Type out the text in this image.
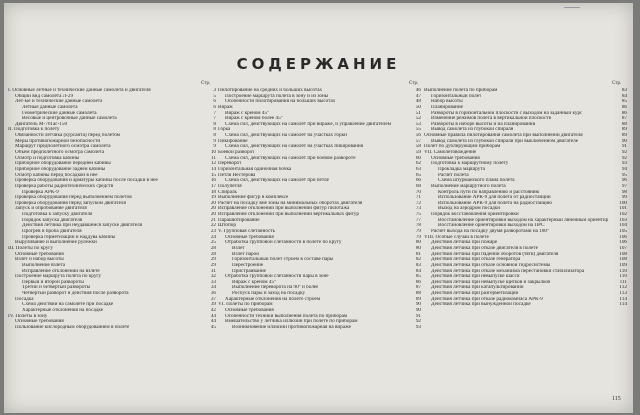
СОДЕРЖАНИЕ
Стр.	Стр.	Стр.
I. Основные летные и технические данные самолета и двигателя	3
Общий вид самолета Л-29	5
Лет-ые и технические данные самолета	6
Летные данные самолета	6
Геометрические данные самолета	7
Весовые и центровочные данные самолета	7
Двигатель М-701ас-150	8
II. Подготовка к полету	8
Обязанности летчика (курсанта) перед полетом	8
Меры противопожарной безопасности	9
Маршрут предполетного осмотра самолета	9
Объем предполетного осмотра самолета	10
Осмотр и подготовка кабины	11
Приборное оборудование передней кабины	12
Приборное оборудование задней кабины	14
Осмотр кабины перед посадкой в нее	15
Проверка оборудования и арматуры кабины после посадки в нее	16
Проверка работы радиотехнических средств	17
Проверка АРК-9	18
Проверка оборудования перед выполнением полетов	19
Проверка оборудования перед запуском двигателя	20
Запуск и опробование двигателя	20
Подготовка к запуску двигателя	20
Порядок запуска двигателя	21
Действия летчика при неудавшемся запуске двигателя	22
Прогрев и проба двигателя	23
Проверка герметизации и наддува кабины	24
Выруливание и выполнение рулежки	25
III. Полеты по кругу	28
Основные требования	28
Взлет и набор высоты	29
Выполнение взлета	29
Исправление отклонений на взлете	31
Построение маршрута полета по кругу	32
Первый и второй развороты	33
Третий и четвертый развороты	34
Четвертый разворот и действия после разворота	36
Посадка	37
Схема действий на самолете при посадке	39
Характерные отклонения на посадке	42
IV. Полеты в зону	44
Основные требования	44
Пользование кислородным оборудованием в полете	45
Пилотирование на средних и больших высотах	46
Построение маршрута полета в зону и из зоны	47
Особенности пилотирования на больших высотах	48
Вираж	50
Вираж с креном 45°	51
Вираж с креном более 45°	52
Схема сил, действующих на самолет при вираже, и управление двигателем	53
Горка	55
Схема сил, действующих на самолет на участках горки	56
Пикирование	57
Схема сил, действующих на самолет на участках пикирования	58
Боевой разворот	59
Схема сил, действующих на самолет при боевом развороте	60
Переворот	62
Горизонтальная одиночная бочка	63
Петля Нестерова	65
Схема сил, действующих на самолет при петле	66
Полупетля	68
Спираль	70
Выполнение фигур в комплексе	71
Расчет на посадку вне зоны на минимальных оборотах двигателя	72
Исправление отклонений при выполнении фигур пилотажа	73
Исправление отклонений при выполнении вертикальных фигур	75
Парашютирование	77
Штопор	78
V. Групповая слетанность	79
Основные требования	79
Отработка групповой слетанности в полете по кругу	80
Взлет	80
Взлет парой	81
Горизонтальный полет строем в составе пары	82
Перестроение	83
Пристраивание	84
Отработка групповой слетанности пары в зоне	85
Вираж с креном 45°	86
Выполнение переворота на 90° и более	87
Роспуск пары и заход на посадку	88
Характерные отклонения на полете строем	89
VI. Полеты по приборам	90
Основные требования	90
Особенности техники выполнения полета по приборам	91
Вмешательство у летчика иллюзий при полете по приборам	92
Возникновение иллюзий противопожарная на вираже	93
Выполнение полета по приборам	83
Горизонтальный полет	84
Набор высоты	85
Планирование	86
Развороты в горизонтальной плоскости с выходом на заданный курс	86
Изменение режимов полета в вертикальной плоскости	87
Развороты в наборе высоты и на планировании	88
Вывод самолета из глубокой спирали	89
Основные правила пилотирования самолета при выполнении двигателя	89
Вывод самолета из глубокой спирали при выключенном двигателе	90
Полет по дублирующим приборам	91
VII. Самолетовождение	92
Основные требования	92
Подготовка к маршрутному полету	93
Прокладка маршрута	94
Расчет полета	95
Схема штурманского плана полета	96
Выполнение маршрутного полета	97
Контроль пути по направлению и расстоянию	98
Использование АРК-9 для полета от радиостанции	99
Использование АРК-9 для полета на радиостанцию	100
Выход на аэродром посадки	101
Порядок восстановления ориентировки	102
Восстановление ориентировки выходом на характерный линейный ориентир 103
Восстановление ориентировки выходом на ПРС	104
Расчет выхода на посадку двумя разворотами на 180°	105
VIII. Особые случаи в полете	106
Действия летчика при пожаре	106
Действия летчика при отказе двигателя в полете	107
Действия летчика при падении оборотов (тяги) двигателя	108
Действия летчика при отказе генератора	108
Действия летчика при отказе основной гидросистемы	109
Действия летчика при отказе механизма перестановки стабилизатора	110
Действия летчика при невыпуске шасси	110
Действия летчика при невыпуске щитков и закрылков	111
Действия летчика при катапультировании	112
Действия летчика при разгерметизации	113
Действия летчика при отказе радиокомпаса АРК-9	114
Действия летчика при вынужденной посадке	114
115
